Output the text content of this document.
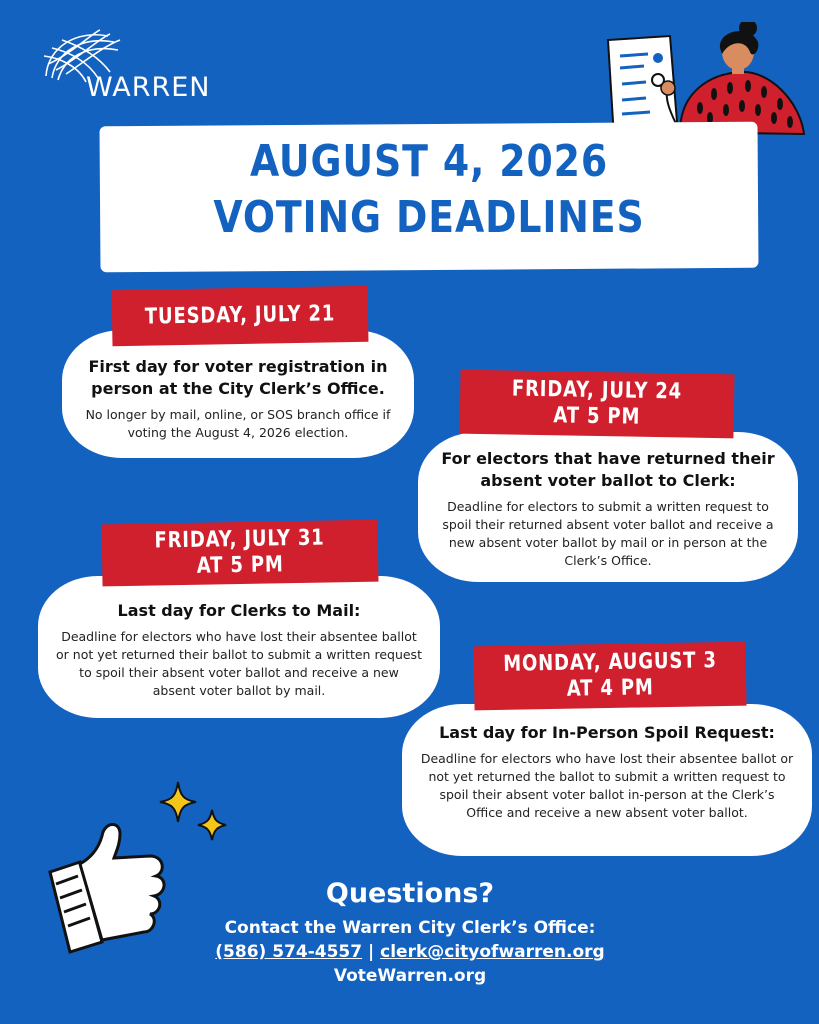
WARREN
AUGUST 4, 2026
VOTING DEADLINES
First day for voter registration in person at the City Clerk’s Office.
No longer by mail, online, or SOS branch office if voting the August 4, 2026 election.
TUESDAY, JULY 21
For electors that have returned their absent voter ballot to Clerk:
Deadline for electors to submit a written request to spoil their returned absent voter ballot and receive a new absent voter ballot by mail or in person at the Clerk’s Office.
FRIDAY, JULY 24
AT 5 PM
Last day for Clerks to Mail:
Deadline for electors who have lost their absentee ballot or not yet returned their ballot to submit a written request to spoil their absent voter ballot and receive a new absent voter ballot by mail.
FRIDAY, JULY 31
AT 5 PM
Last day for In-Person Spoil Request:
Deadline for electors who have lost their absentee ballot or not yet returned the ballot to submit a written request to spoil their absent voter ballot in-person at the Clerk’s Office and receive a new absent voter ballot.
MONDAY, AUGUST 3
AT 4 PM
Questions?
Contact the Warren City Clerk’s Office:
(586) 574-4557 | clerk@cityofwarren.org
VoteWarren.org
